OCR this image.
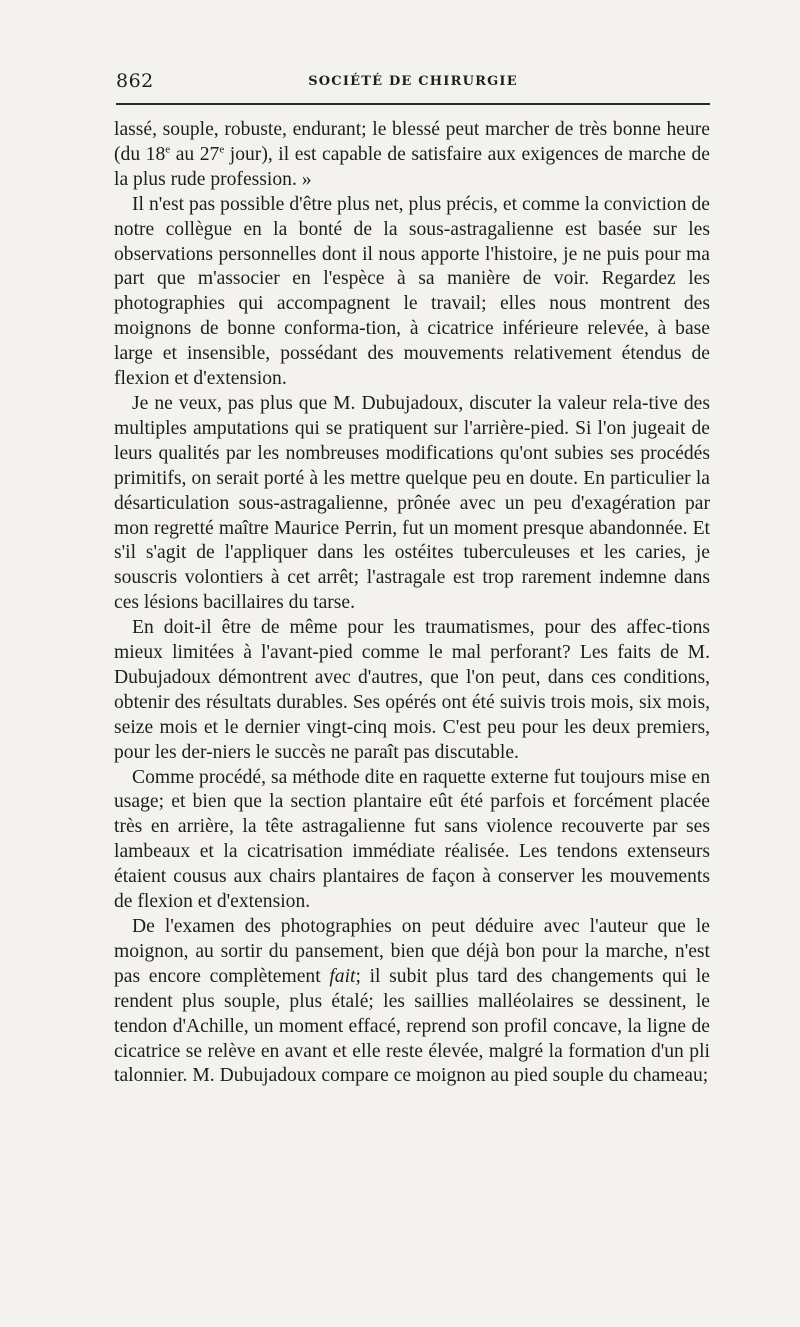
862	SOCIÉTÉ DE CHIRURGIE

lassé, souple, robuste, endurant; le blessé peut marcher de très bonne heure (du 18e au 27e jour), il est capable de satisfaire aux exigences de marche de la plus rude profession. »

Il n'est pas possible d'être plus net, plus précis, et comme la conviction de notre collègue en la bonté de la sous-astragalienne est basée sur les observations personnelles dont il nous apporte l'histoire, je ne puis pour ma part que m'associer en l'espèce à sa manière de voir. Regardez les photographies qui accompagnent le travail; elles nous montrent des moignons de bonne conforma-tion, à cicatrice inférieure relevée, à base large et insensible, possédant des mouvements relativement étendus de flexion et d'extension.

Je ne veux, pas plus que M. Dubujadoux, discuter la valeur rela-tive des multiples amputations qui se pratiquent sur l'arrière-pied. Si l'on jugeait de leurs qualités par les nombreuses modifications qu'ont subies ses procédés primitifs, on serait porté à les mettre quelque peu en doute. En particulier la désarticulation sous-astragalienne, prônée avec un peu d'exagération par mon regretté maître Maurice Perrin, fut un moment presque abandonnée. Et s'il s'agit de l'appliquer dans les ostéites tuberculeuses et les caries, je souscris volontiers à cet arrêt; l'astragale est trop rarement indemne dans ces lésions bacillaires du tarse.

En doit-il être de même pour les traumatismes, pour des affec-tions mieux limitées à l'avant-pied comme le mal perforant? Les faits de M. Dubujadoux démontrent avec d'autres, que l'on peut, dans ces conditions, obtenir des résultats durables. Ses opérés ont été suivis trois mois, six mois, seize mois et le dernier vingt-cinq mois. C'est peu pour les deux premiers, pour les der-niers le succès ne paraît pas discutable.

Comme procédé, sa méthode dite en raquette externe fut toujours mise en usage; et bien que la section plantaire eût été parfois et forcément placée très en arrière, la tête astragalienne fut sans violence recouverte par ses lambeaux et la cicatrisation immédiate réalisée. Les tendons extenseurs étaient cousus aux chairs plantaires de façon à conserver les mouvements de flexion et d'extension.

De l'examen des photographies on peut déduire avec l'auteur que le moignon, au sortir du pansement, bien que déjà bon pour la marche, n'est pas encore complètement fait; il subit plus tard des changements qui le rendent plus souple, plus étalé; les saillies malléolaires se dessinent, le tendon d'Achille, un moment effacé, reprend son profil concave, la ligne de cicatrice se relève en avant et elle reste élevée, malgré la formation d'un pli talonnier. M. Dubujadoux compare ce moignon au pied souple du chameau;
